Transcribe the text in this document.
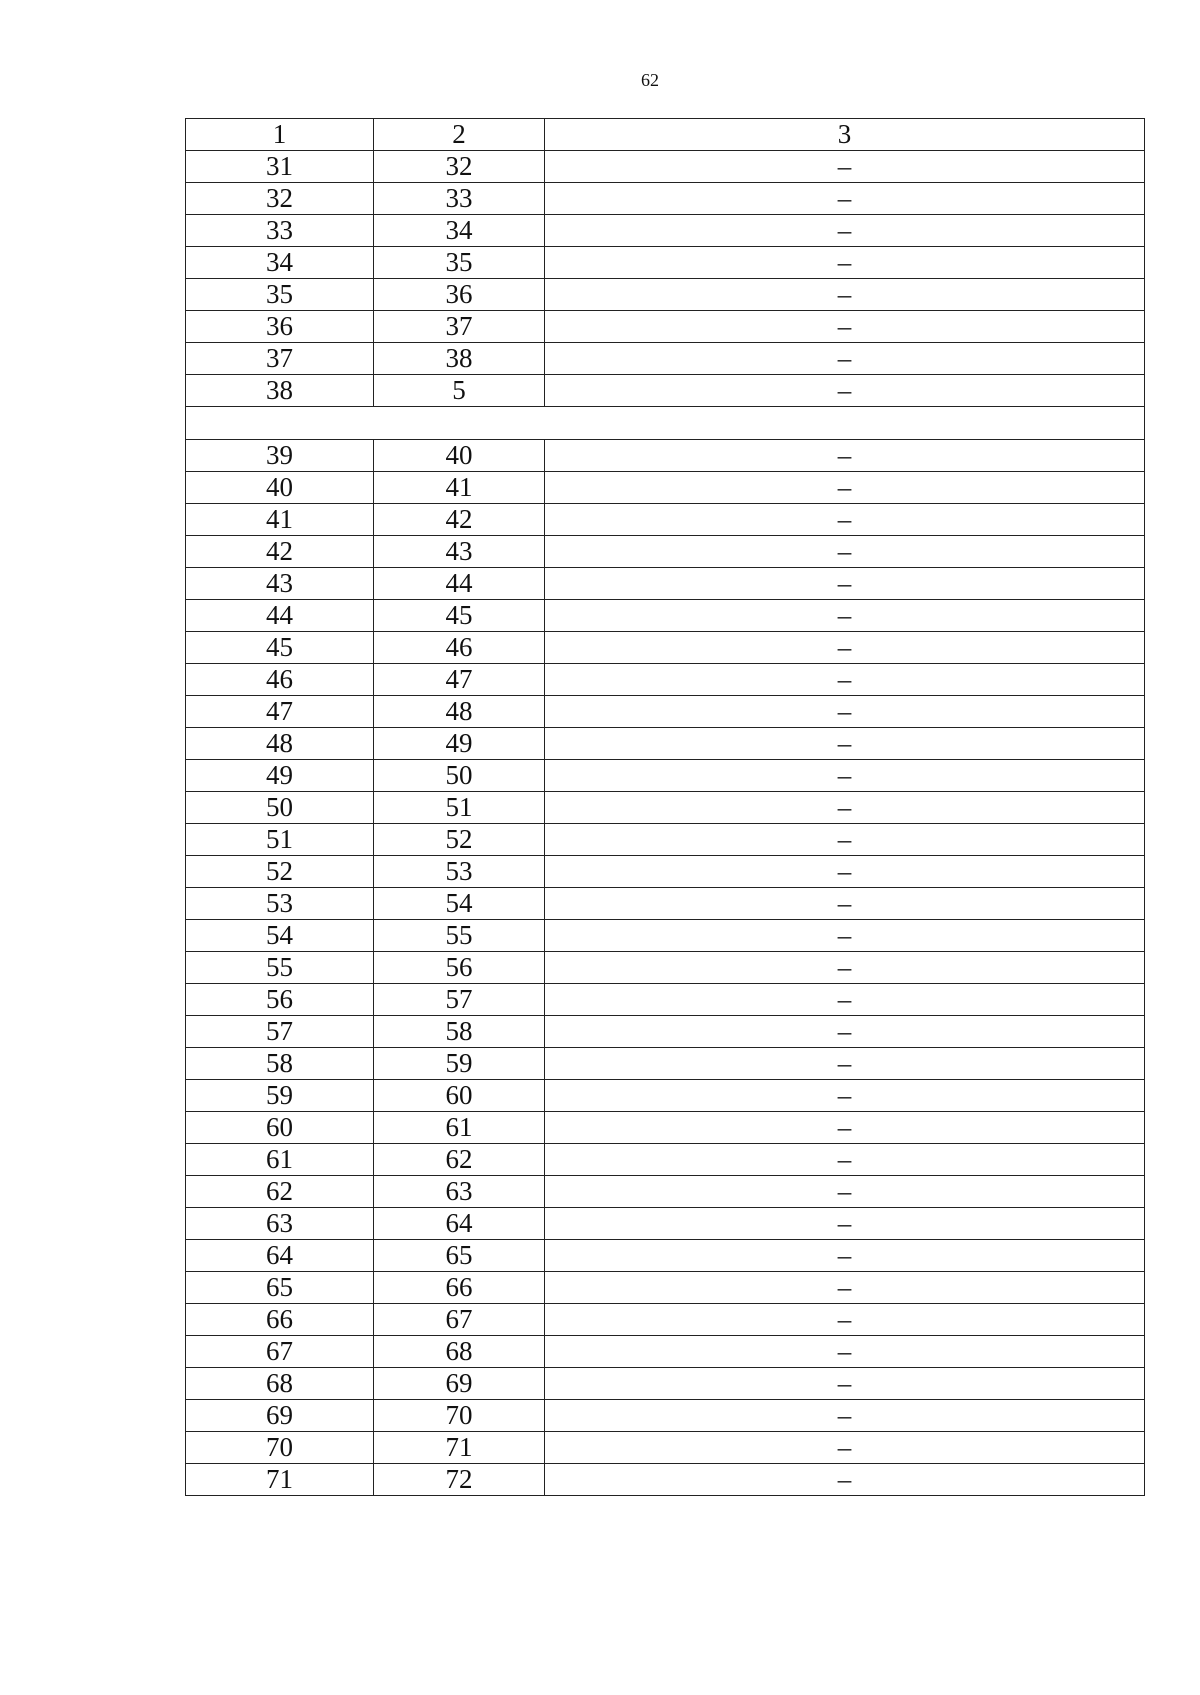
62
1	2	3
31	32	–
32	33	–
33	34	–
34	35	–
35	36	–
36	37	–
37	38	–
38	5	–

39	40	–
40	41	–
41	42	–
42	43	–
43	44	–
44	45	–
45	46	–
46	47	–
47	48	–
48	49	–
49	50	–
50	51	–
51	52	–
52	53	–
53	54	–
54	55	–
55	56	–
56	57	–
57	58	–
58	59	–
59	60	–
60	61	–
61	62	–
62	63	–
63	64	–
64	65	–
65	66	–
66	67	–
67	68	–
68	69	–
69	70	–
70	71	–
71	72	–
